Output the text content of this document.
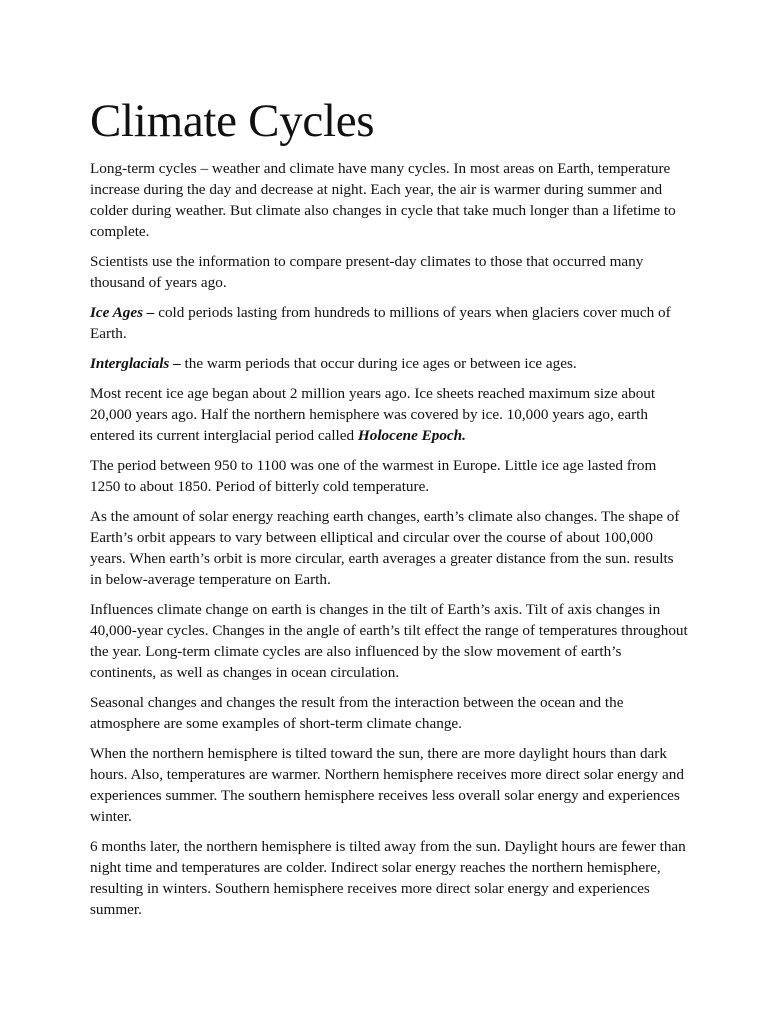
Climate Cycles

Long-term cycles – weather and climate have many cycles. In most areas on Earth, temperature increase during the day and decrease at night. Each year, the air is warmer during summer and colder during weather. But climate also changes in cycle that take much longer than a lifetime to complete.

Scientists use the information to compare present-day climates to those that occurred many thousand of years ago.

Ice Ages – cold periods lasting from hundreds to millions of years when glaciers cover much of Earth.

Interglacials – the warm periods that occur during ice ages or between ice ages.

Most recent ice age began about 2 million years ago. Ice sheets reached maximum size about 20,000 years ago. Half the northern hemisphere was covered by ice. 10,000 years ago, earth entered its current interglacial period called Holocene Epoch.

The period between 950 to 1100 was one of the warmest in Europe. Little ice age lasted from 1250 to about 1850. Period of bitterly cold temperature.

As the amount of solar energy reaching earth changes, earth’s climate also changes. The shape of Earth’s orbit appears to vary between elliptical and circular over the course of about 100,000 years. When earth’s orbit is more circular, earth averages a greater distance from the sun. results in below-average temperature on Earth.

Influences climate change on earth is changes in the tilt of Earth’s axis. Tilt of axis changes in 40,000-year cycles. Changes in the angle of earth’s tilt effect the range of temperatures throughout the year. Long-term climate cycles are also influenced by the slow movement of earth’s continents, as well as changes in ocean circulation.

Seasonal changes and changes the result from the interaction between the ocean and the atmosphere are some examples of short-term climate change.

When the northern hemisphere is tilted toward the sun, there are more daylight hours than dark hours. Also, temperatures are warmer. Northern hemisphere receives more direct solar energy and experiences summer. The southern hemisphere receives less overall solar energy and experiences winter.

6 months later, the northern hemisphere is tilted away from the sun. Daylight hours are fewer than night time and temperatures are colder. Indirect solar energy reaches the northern hemisphere, resulting in winters. Southern hemisphere receives more direct solar energy and experiences summer.
